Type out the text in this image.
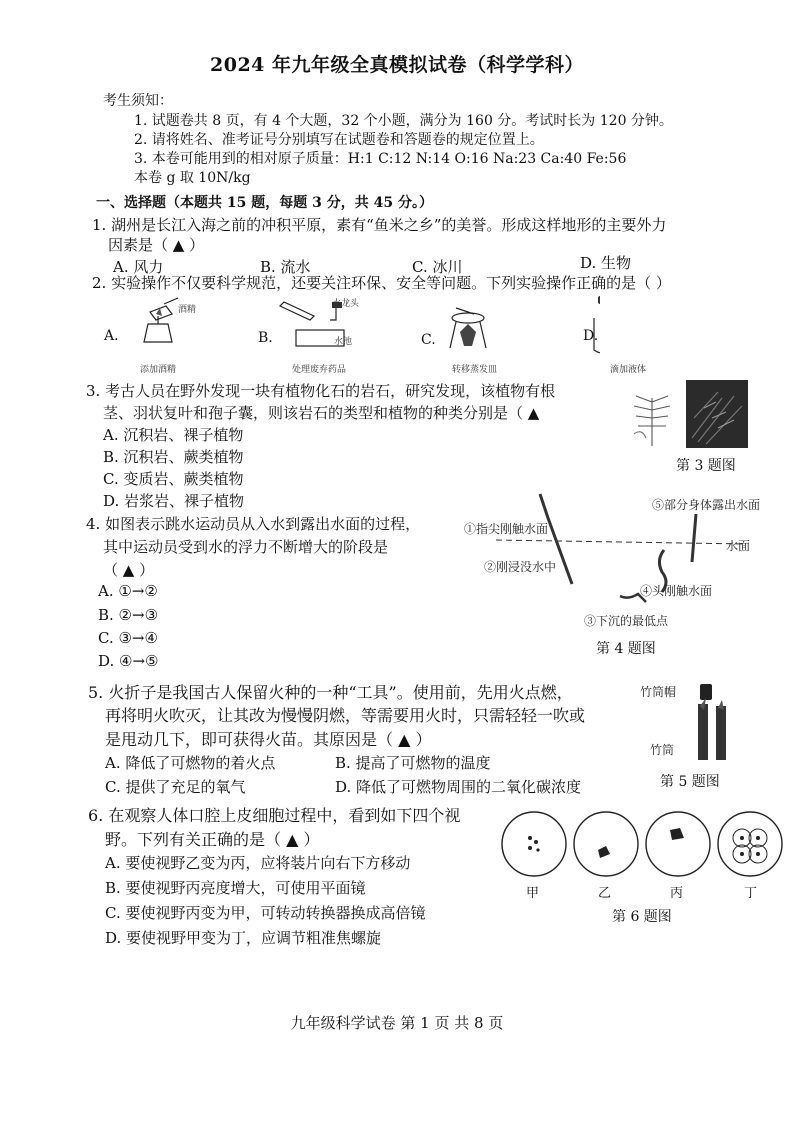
2024 年九年级全真模拟试卷（科学学科）
考生须知：
1. 试题卷共 8 页，有 4 个大题，32 个小题，满分为 160 分。考试时长为 120 分钟。
2. 请将姓名、准考证号分别填写在试题卷和答题卷的规定位置上。
3. 本卷可能用到的相对原子质量：H:1 C:12 N:14 O:16 Na:23 Ca:40 Fe:56
本卷 g 取 10N/kg
一、选择题（本题共 15 题，每题 3 分，共 45 分。）
1. 湖州是长江入海之前的冲积平原，素有“鱼米之乡”的美誉。形成这样地形的主要外力
因素是（ ▲ ）
A. 风力	B. 流水	C. 冰川	D. 生物
2. 实验操作不仅要科学规范，还要关注环保、安全等问题。下列实验操作正确的是（ ）
A.	B.	C.	D.
酒精
水龙头
水池
添加酒精	处理废弃药品	转移蒸发皿	滴加液体
3. 考古人员在野外发现一块有植物化石的岩石，研究发现，该植物有根
茎、羽状复叶和孢子囊，则该岩石的类型和植物的种类分别是（ ▲
A. 沉积岩、裸子植物
B. 沉积岩、蕨类植物
C. 变质岩、蕨类植物
D. 岩浆岩、裸子植物
第 3 题图
4. 如图表示跳水运动员从入水到露出水面的过程，
其中运动员受到水的浮力不断增大的阶段是
（ ▲ ）
A. ①→②
B. ②→③
C. ③→④
D. ④→⑤
①指尖刚触水面
②刚浸没水中
③下沉的最低点
④头刚触水面
⑤部分身体露出水面
水面
第 4 题图
5. 火折子是我国古人保留火种的一种“工具”。使用前，先用火点燃，
再将明火吹灭，让其改为慢慢阴燃，等需要用火时，只需轻轻一吹或
是甩动几下，即可获得火苗。其原因是（ ▲ ）
A. 降低了可燃物的着火点	B. 提高了可燃物的温度
C. 提供了充足的氧气	D. 降低了可燃物周围的二氧化碳浓度
竹筒帽
竹筒
第 5 题图
6. 在观察人体口腔上皮细胞过程中，看到如下四个视
野。下列有关正确的是（ ▲ ）
A. 要使视野乙变为丙，应将装片向右下方移动
B. 要使视野丙亮度增大，可使用平面镜
C. 要使视野丙变为甲，可转动转换器换成高倍镜
D. 要使视野甲变为丁，应调节粗准焦螺旋
甲	乙	丙	丁
第 6 题图
九年级科学试卷 第 1 页 共 8 页
